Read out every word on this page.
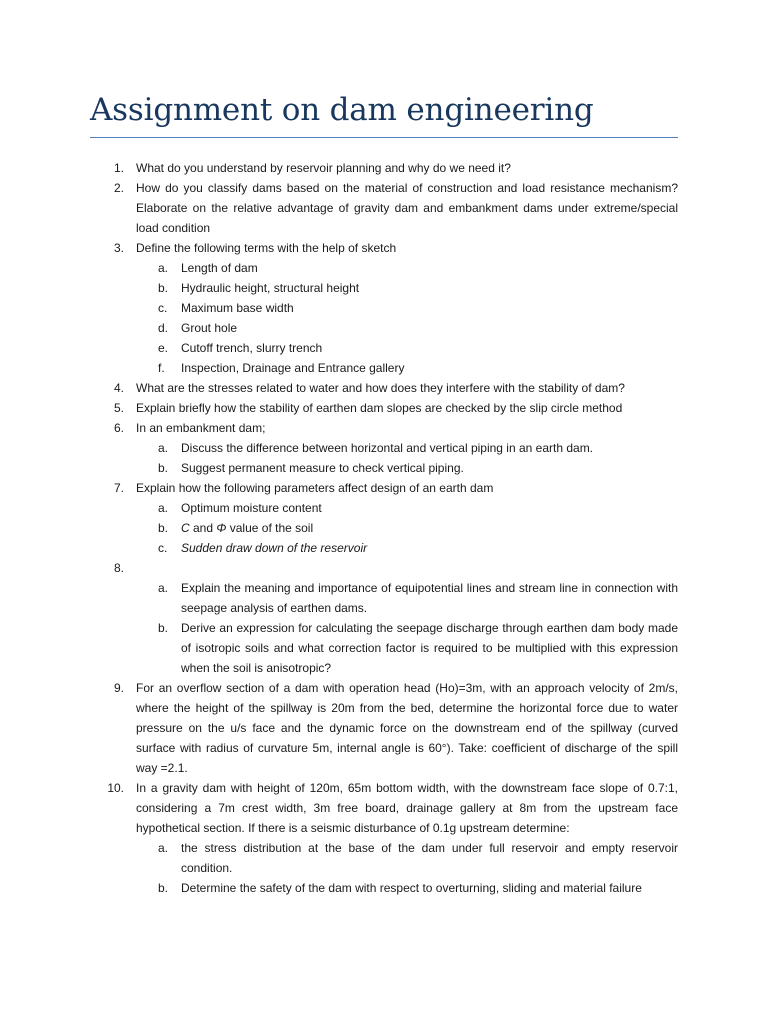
Assignment on dam engineering
1. What do you understand by reservoir planning and why do we need it?
2. How do you classify dams based on the material of construction and load resistance mechanism? Elaborate on the relative advantage of gravity dam and embankment dams under extreme/special load condition
3. Define the following terms with the help of sketch
a. Length of dam
b. Hydraulic height, structural height
c. Maximum base width
d. Grout hole
e. Cutoff trench, slurry trench
f. Inspection, Drainage and Entrance gallery
4. What are the stresses related to water and how does they interfere with the stability of dam?
5. Explain briefly how the stability of earthen dam slopes are checked by the slip circle method
6. In an embankment dam;
a. Discuss the difference between horizontal and vertical piping in an earth dam.
b. Suggest permanent measure to check vertical piping.
7. Explain how the following parameters affect design of an earth dam
a. Optimum moisture content
b. C and Φ value of the soil
c. Sudden draw down of the reservoir
8.
a. Explain the meaning and importance of equipotential lines and stream line in connection with seepage analysis of earthen dams.
b. Derive an expression for calculating the seepage discharge through earthen dam body made of isotropic soils and what correction factor is required to be multiplied with this expression when the soil is anisotropic?
9. For an overflow section of a dam with operation head (Ho)=3m, with an approach velocity of 2m/s, where the height of the spillway is 20m from the bed, determine the horizontal force due to water pressure on the u/s face and the dynamic force on the downstream end of the spillway (curved surface with radius of curvature 5m, internal angle is 60°). Take: coefficient of discharge of the spill way =2.1.
10. In a gravity dam with height of 120m, 65m bottom width, with the downstream face slope of 0.7:1, considering a 7m crest width, 3m free board, drainage gallery at 8m from the upstream face hypothetical section. If there is a seismic disturbance of 0.1g upstream determine:
a. the stress distribution at the base of the dam under full reservoir and empty reservoir condition.
b. Determine the safety of the dam with respect to overturning, sliding and material failure
